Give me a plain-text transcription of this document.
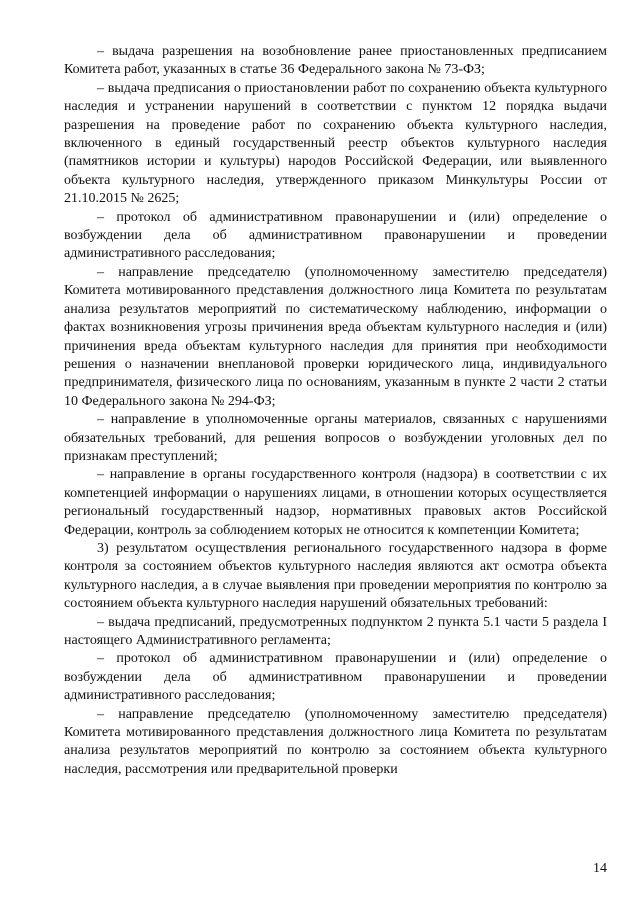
– выдача разрешения на возобновление ранее приостановленных предписанием Комитета работ, указанных в статье 36 Федерального закона № 73-ФЗ;

– выдача предписания о приостановлении работ по сохранению объекта культурного наследия и устранении нарушений в соответствии с пунктом 12 порядка выдачи разрешения на проведение работ по сохранению объекта культурного наследия, включенного в единый государственный реестр объектов культурного наследия (памятников истории и культуры) народов Российской Федерации, или выявленного объекта культурного наследия, утвержденного приказом Минкультуры России от 21.10.2015 № 2625;

– протокол об административном правонарушении и (или) определение о возбуждении дела об административном правонарушении и проведении административного расследования;

– направление председателю (уполномоченному заместителю председателя) Комитета мотивированного представления должностного лица Комитета по результатам анализа результатов мероприятий по систематическому наблюдению, информации о фактах возникновения угрозы причинения вреда объектам культурного наследия и (или) причинения вреда объектам культурного наследия для принятия при необходимости решения о назначении внеплановой проверки юридического лица, индивидуального предпринимателя, физического лица по основаниям, указанным в пункте 2 части 2 статьи 10 Федерального закона № 294-ФЗ;

– направление в уполномоченные органы материалов, связанных с нарушениями обязательных требований, для решения вопросов о возбуждении уголовных дел по признакам преступлений;

– направление в органы государственного контроля (надзора) в соответствии с их компетенцией информации о нарушениях лицами, в отношении которых осуществляется региональный государственный надзор, нормативных правовых актов Российской Федерации, контроль за соблюдением которых не относится к компетенции Комитета;

3) результатом осуществления регионального государственного надзора в форме контроля за состоянием объектов культурного наследия являются акт осмотра объекта культурного наследия, а в случае выявления при проведении мероприятия по контролю за состоянием объекта культурного наследия нарушений обязательных требований:

– выдача предписаний, предусмотренных подпунктом 2 пункта 5.1 части 5 раздела I настоящего Административного регламента;

– протокол об административном правонарушении и (или) определение о возбуждении дела об административном правонарушении и проведении административного расследования;

– направление председателю (уполномоченному заместителю председателя) Комитета мотивированного представления должностного лица Комитета по результатам анализа результатов мероприятий по контролю за состоянием объекта культурного наследия, рассмотрения или предварительной проверки

14
